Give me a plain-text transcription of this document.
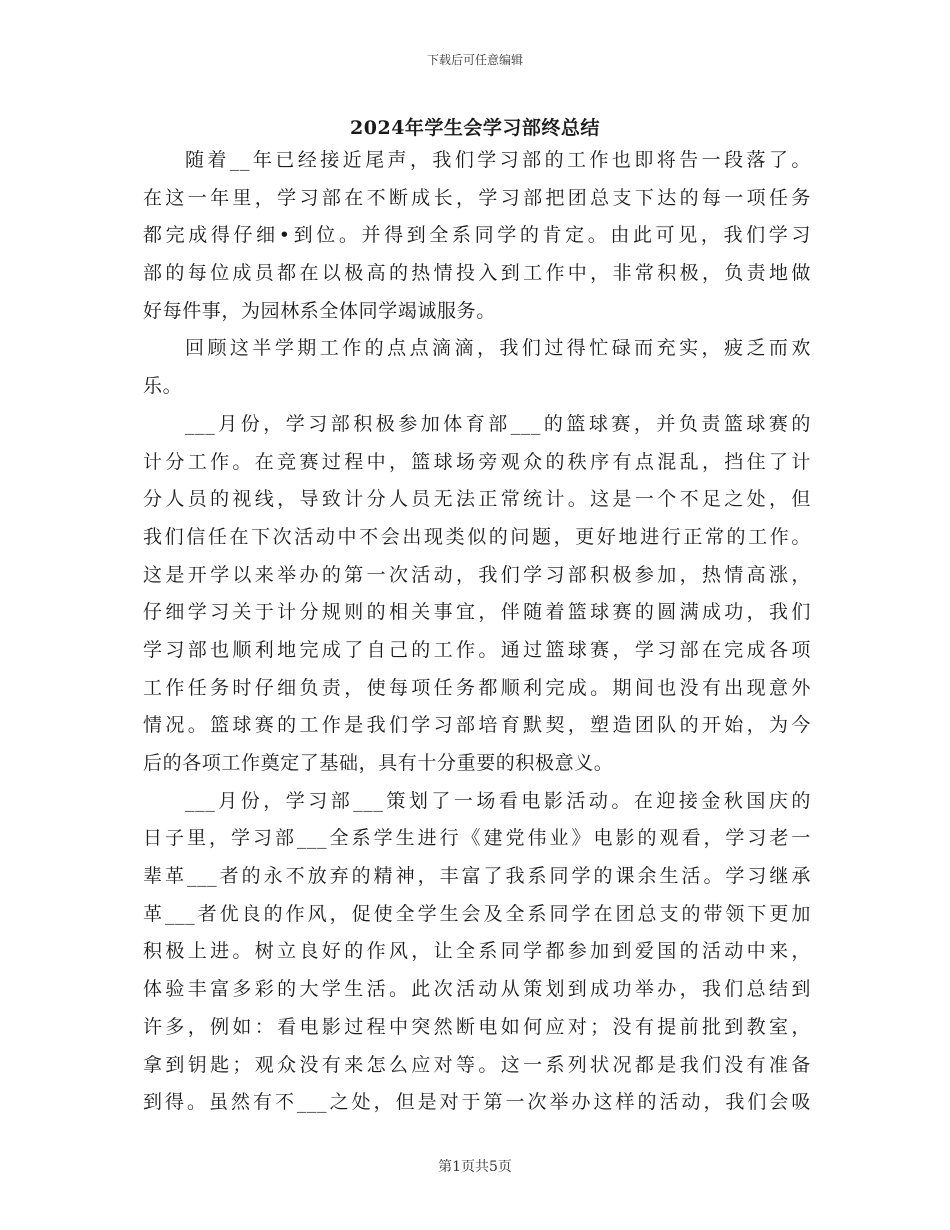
下载后可任意编辑
2024年学生会学习部终总结
随着__年已经接近尾声，我们学习部的工作也即将告一段落了。
在这一年里，学习部在不断成长，学习部把团总支下达的每一项任务
都完成得仔细•到位。并得到全系同学的肯定。由此可见，我们学习
部的每位成员都在以极高的热情投入到工作中，非常积极，负责地做
好每件事，为园林系全体同学竭诚服务。
回顾这半学期工作的点点滴滴，我们过得忙碌而充实，疲乏而欢
乐。
___月份，学习部积极参加体育部___的篮球赛，并负责篮球赛的
计分工作。在竞赛过程中，篮球场旁观众的秩序有点混乱，挡住了计
分人员的视线，导致计分人员无法正常统计。这是一个不足之处，但
我们信任在下次活动中不会出现类似的问题，更好地进行正常的工作。
这是开学以来举办的第一次活动，我们学习部积极参加，热情高涨，
仔细学习关于计分规则的相关事宜，伴随着篮球赛的圆满成功，我们
学习部也顺利地完成了自己的工作。通过篮球赛，学习部在完成各项
工作任务时仔细负责，使每项任务都顺利完成。期间也没有出现意外
情况。篮球赛的工作是我们学习部培育默契，塑造团队的开始，为今
后的各项工作奠定了基础，具有十分重要的积极意义。
___月份，学习部___策划了一场看电影活动。在迎接金秋国庆的
日子里，学习部___全系学生进行《建党伟业》电影的观看，学习老一
辈革___者的永不放弃的精神，丰富了我系同学的课余生活。学习继承
革___者优良的作风，促使全学生会及全系同学在团总支的带领下更加
积极上进。树立良好的作风，让全系同学都参加到爱国的活动中来，
体验丰富多彩的大学生活。此次活动从策划到成功举办，我们总结到
许多，例如：看电影过程中突然断电如何应对；没有提前批到教室，
拿到钥匙；观众没有来怎么应对等。这一系列状况都是我们没有准备
到得。虽然有不___之处，但是对于第一次举办这样的活动，我们会吸
第1页共5页
